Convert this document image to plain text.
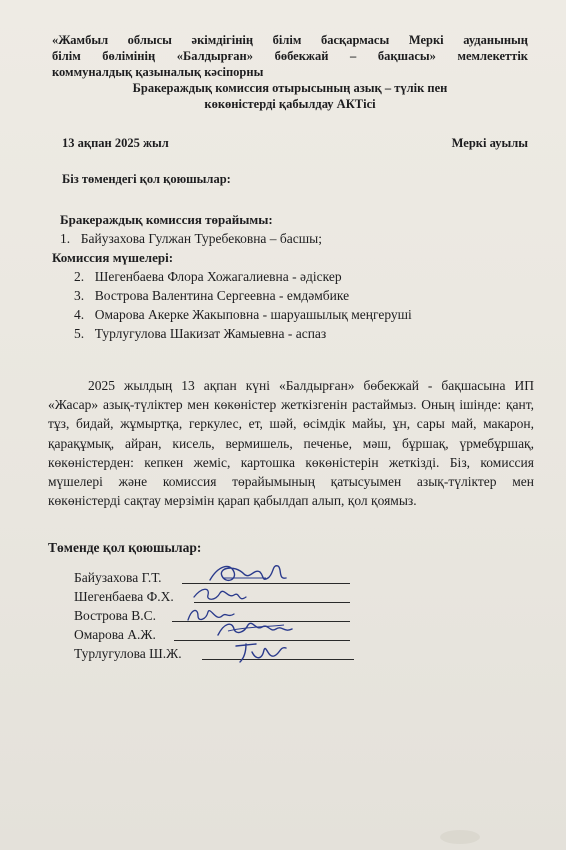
«Жамбыл облысы әкімдігінің білім басқармасы Меркі ауданының
білім бөлімінің «Балдырған» бөбекжай – бақшасы» мемлекеттік
коммуналдық қазыналық кәсіпорны
Бракераждық комиссия отырысының азық – түлік пен
көкөністерді қабылдау АКТісі
13 ақпан 2025 жыл	Меркі ауылы
Біз төмендегі қол қоюшылар:
Бракераждық комиссия төрайымы:
1. Байузахова Гулжан Туребековна – басшы;
Комиссия мүшелері:
2. Шегенбаева Флора Хожагалиевна - әдіскер
3. Вострова Валентина Сергеевна - емдәмбике
4. Омарова Акерке Жакыповна - шаруашылық меңгеруші
5. Турлугулова Шакизат Жамыевна - аспаз
2025 жылдың 13 ақпан күні «Балдырған» бөбекжай - бақшасына ИП «Жасар» азық-түліктер мен көкөністер жеткізгенін растаймыз. Оның ішінде: қант, тұз, бидай, жұмыртқа, геркулес, ет, шәй, өсімдік майы, ұн, сары май, макарон, қарақұмық, айран, кисель, вермишель, печенье, мәш, бұршақ, үрмебұршақ, көкөністерден: кепкен жеміс, картошка көкөністерін жеткізді. Біз, комиссия мүшелері және комиссия төрайымының қатысуымен азық-түліктер мен көкөністерді сақтау мерзімін қарап қабылдап алып, қол қоямыз.
Төменде қол қоюшылар:
Байузахова Г.Т.
Шегенбаева Ф.Х.
Вострова В.С.
Омарова А.Ж.
Турлугулова Ш.Ж.
